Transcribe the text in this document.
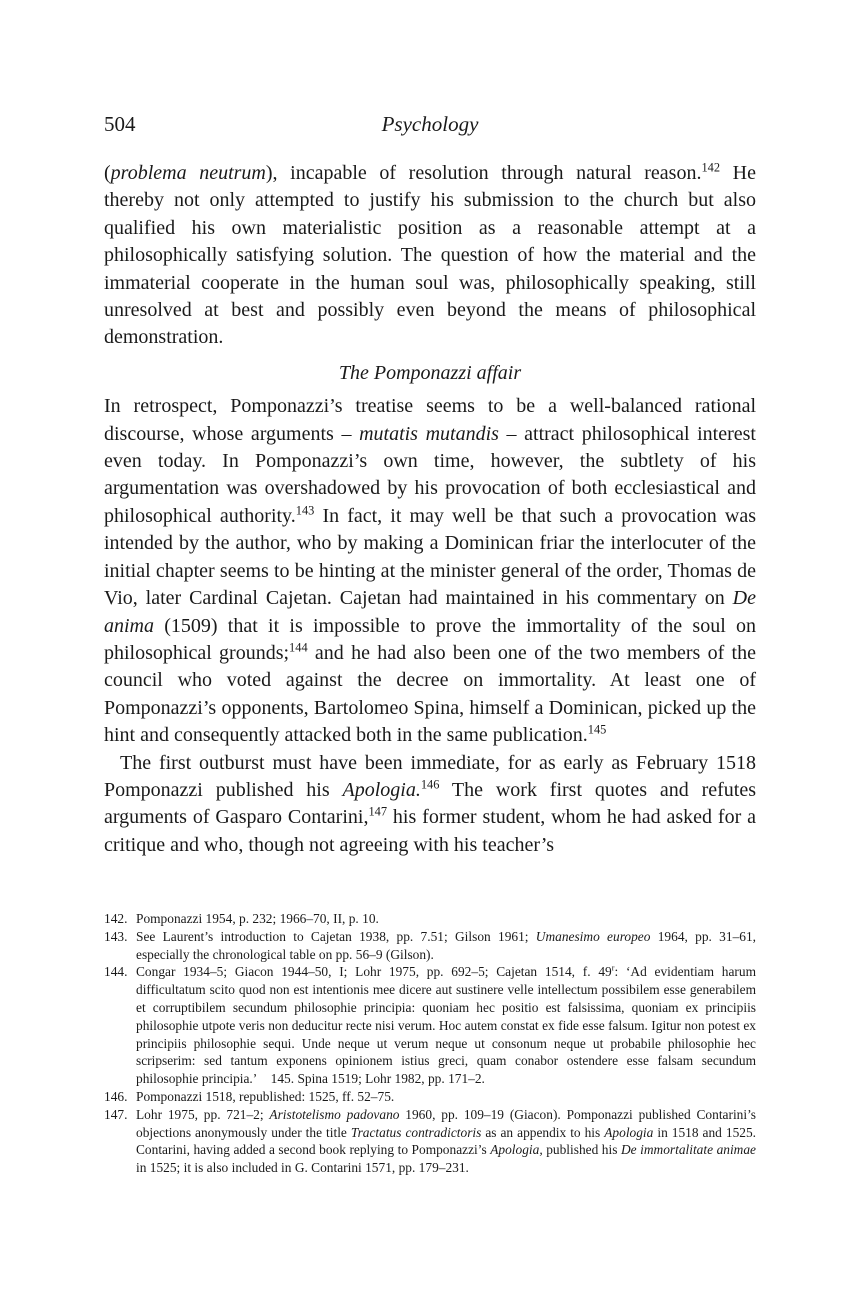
504	Psychology

(problema neutrum), incapable of resolution through natural reason.$^{142}$ He thereby not only attempted to justify his submission to the church but also qualified his own materialistic position as a reasonable attempt at a philosophically satisfying solution. The question of how the material and the immaterial cooperate in the human soul was, philosophically speaking, still unresolved at best and possibly even beyond the means of philosophical demonstration.

The Pomponazzi affair

In retrospect, Pomponazzi’s treatise seems to be a well-balanced rational discourse, whose arguments – mutatis mutandis – attract philosophical interest even today. In Pomponazzi’s own time, however, the subtlety of his argumentation was overshadowed by his provocation of both ecclesiastical and philosophical authority.$^{143}$ In fact, it may well be that such a provocation was intended by the author, who by making a Dominican friar the interlocuter of the initial chapter seems to be hinting at the minister general of the order, Thomas de Vio, later Cardinal Cajetan. Cajetan had maintained in his commentary on De anima (1509) that it is impossible to prove the immortality of the soul on philosophical grounds;$^{144}$ and he had also been one of the two members of the council who voted against the decree on immortality. At least one of Pomponazzi’s opponents, Bartolomeo Spina, himself a Dominican, picked up the hint and consequently attacked both in the same publication.$^{145}$

The first outburst must have been immediate, for as early as February 1518 Pomponazzi published his Apologia.$^{146}$ The work first quotes and refutes arguments of Gasparo Contarini,$^{147}$ his former student, whom he had asked for a critique and who, though not agreeing with his teacher’s

142. Pomponazzi 1954, p. 232; 1966–70, II, p. 10.
143. See Laurent’s introduction to Cajetan 1938, pp. 7.51; Gilson 1961; Umanesimo europeo 1964, pp. 31–61, especially the chronological table on pp. 56–9 (Gilson).
144. Congar 1934–5; Giacon 1944–50, I; Lohr 1975, pp. 692–5; Cajetan 1514, f. 49$^r$: ‘Ad evidentiam harum difficultatum scito quod non est intentionis mee dicere aut sustinere velle intellectum possibilem esse generabilem et corruptibilem secundum philosophie principia: quoniam hec positio est falsissima, quoniam ex principiis philosophie utpote veris non deducitur recte nisi verum. Hoc autem constat ex fide esse falsum. Igitur non potest ex principiis philosophie sequi. Unde neque ut verum neque ut consonum neque ut probabile philosophie hec scripserim: sed tantum exponens opinionem istius greci, quam conabor ostendere esse falsam secundum philosophie principia.’ 145. Spina 1519; Lohr 1982, pp. 171–2.
146. Pomponazzi 1518, republished: 1525, ff. 52–75.
147. Lohr 1975, pp. 721–2; Aristotelismo padovano 1960, pp. 109–19 (Giacon). Pomponazzi published Contarini’s objections anonymously under the title Tractatus contradictoris as an appendix to his Apologia in 1518 and 1525. Contarini, having added a second book replying to Pomponazzi’s Apologia, published his De immortalitate animae in 1525; it is also included in G. Contarini 1571, pp. 179–231.
